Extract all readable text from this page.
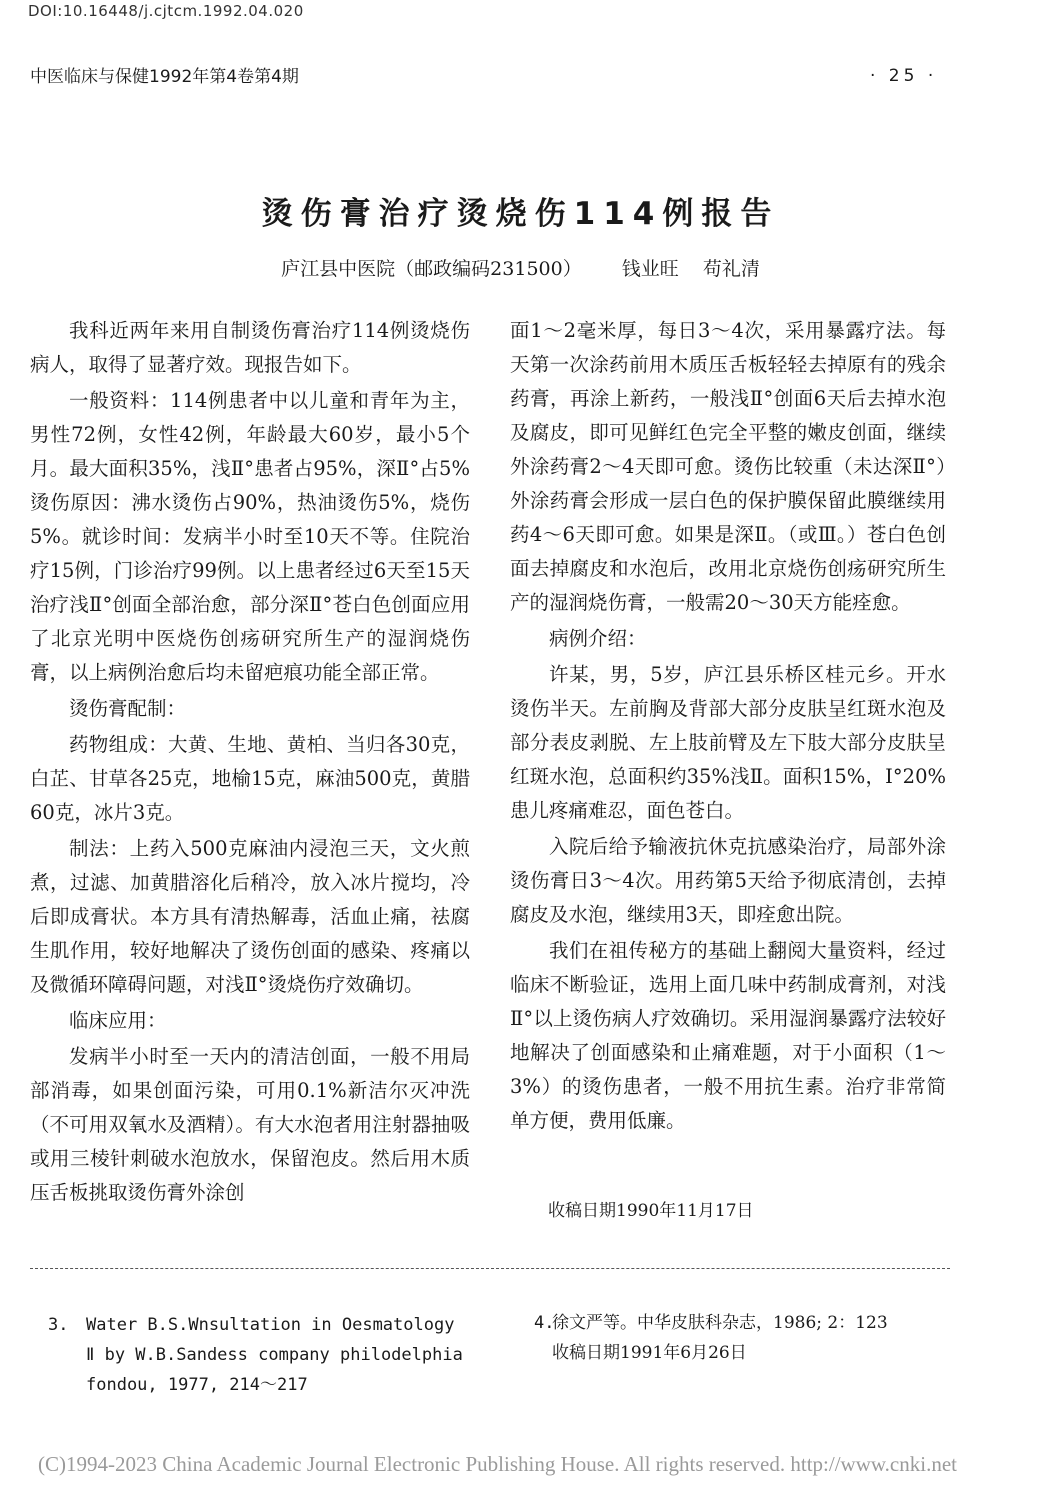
DOI:10.16448/j.cjtcm.1992.04.020
中医临床与保健1992年第4卷第4期	· 25 ·
烫伤膏治疗烫烧伤114例报告
庐江县中医院（邮政编码231500） 钱业旺 苟礼清

我科近两年来用自制烫伤膏治疗114例烫烧伤病人，取得了显著疗效。现报告如下。

一般资料：114例患者中以儿童和青年为主，男性72例，女性42例，年龄最大60岁，最小5个月。最大面积35%，浅Ⅱ°患者占95%，深Ⅱ°占5%烫伤原因：沸水烫伤占90%，热油烫伤5%，烧伤5%。就诊时间：发病半小时至10天不等。住院治疗15例，门诊治疗99例。以上患者经过6天至15天治疗浅Ⅱ°创面全部治愈，部分深Ⅱ°苍白色创面应用了北京光明中医烧伤创疡研究所生产的湿润烧伤膏，以上病例治愈后均未留疤痕功能全部正常。

烫伤膏配制：

药物组成：大黄、生地、黄柏、当归各30克，白芷、甘草各25克，地榆15克，麻油500克，黄腊60克，冰片3克。

制法：上药入500克麻油内浸泡三天，文火煎煮，过滤、加黄腊溶化后稍冷，放入冰片搅均，冷后即成膏状。本方具有清热解毒，活血止痛，祛腐生肌作用，较好地解决了烫伤创面的感染、疼痛以及微循环障碍问题，对浅Ⅱ°烫烧伤疗效确切。

临床应用：

发病半小时至一天内的清洁创面，一般不用局部消毒，如果创面污染，可用0.1%新洁尔灭冲洗（不可用双氧水及酒精）。有大水泡者用注射器抽吸或用三棱针刺破水泡放水，保留泡皮。然后用木质压舌板挑取烫伤膏外涂创

面1～2毫米厚，每日3～4次，采用暴露疗法。每天第一次涂药前用木质压舌板轻轻去掉原有的残余药膏，再涂上新药，一般浅Ⅱ°创面6天后去掉水泡及腐皮，即可见鲜红色完全平整的嫩皮创面，继续外涂药膏2～4天即可愈。烫伤比较重（未达深Ⅱ°）外涂药膏会形成一层白色的保护膜保留此膜继续用药4～6天即可愈。如果是深Ⅱ。（或Ⅲ。）苍白色创面去掉腐皮和水泡后，改用北京烧伤创疡研究所生产的湿润烧伤膏，一般需20～30天方能痊愈。

病例介绍：

许某，男，5岁，庐江县乐桥区桂元乡。开水烫伤半天。左前胸及背部大部分皮肤呈红斑水泡及部分表皮剥脱、左上肢前臂及左下肢大部分皮肤呈红斑水泡，总面积约35%浅Ⅱ。面积15%，Ⅰ°20%患儿疼痛难忍，面色苍白。

入院后给予输液抗休克抗感染治疗，局部外涂烫伤膏日3～4次。用药第5天给予彻底清创，去掉腐皮及水泡，继续用3天，即痊愈出院。

我们在祖传秘方的基础上翻阅大量资料，经过临床不断验证，选用上面几味中药制成膏剂，对浅Ⅱ°以上烫伤病人疗效确切。采用湿润暴露疗法较好地解决了创面感染和止痛难题，对于小面积（1～3%）的烫伤患者，一般不用抗生素。治疗非常简单方便，费用低廉。

收稿日期1990年11月17日
3. Water B.S.Wnsultation in Oesmatology Ⅱ by W.B.Sandess company philodelphia fondou, 1977, 214～217
4.
徐文严等。中华皮肤科杂志，1986; 2：123
收稿日期1991年6月26日
(C)1994-2023 China Academic Journal Electronic Publishing House. All rights reserved. http://www.cnki.net
